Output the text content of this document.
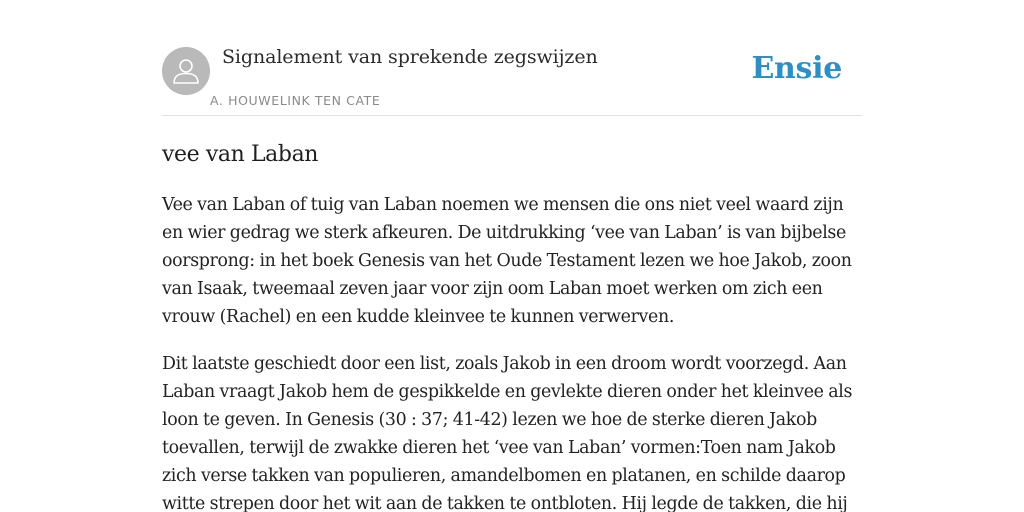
Signalement van sprekende zegswijzen
A. HOUWELINK TEN CATE
Ensie
vee van Laban

Vee van Laban of tuig van Laban noemen we mensen die ons niet veel waard zijn en wier gedrag we sterk afkeuren. De uitdrukking ‘vee van Laban’ is van bijbelse oorsprong: in het boek Genesis van het Oude Testament lezen we hoe Jakob, zoon van Isaak, tweemaal zeven jaar voor zijn oom Laban moet werken om zich een vrouw (Rachel) en een kudde kleinvee te kunnen verwerven.

Dit laatste geschiedt door een list, zoals Jakob in een droom wordt voorzegd. Aan Laban vraagt Jakob hem de gespikkelde en gevlekte dieren onder het kleinvee als loon te geven. In Genesis (30 : 37; 41-42) lezen we hoe de sterke dieren Jakob toevallen, terwijl de zwakke dieren het ‘vee van Laban’ vormen:Toen nam Jakob zich verse takken van populieren, amandelbomen en platanen, en schilde daarop witte strepen door het wit aan de takken te ontbloten. Hij legde de takken, die hij
